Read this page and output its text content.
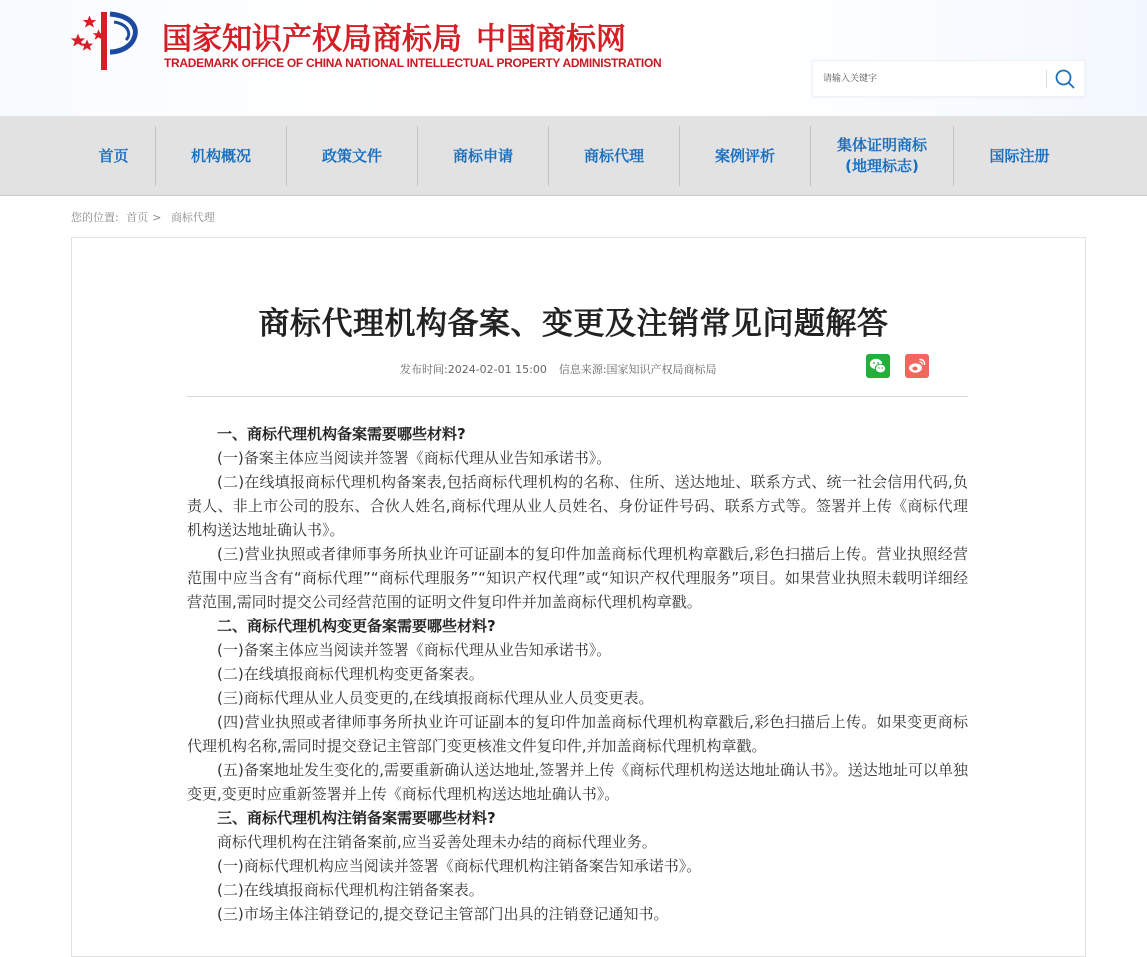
国家知识产权局商标局 中国商标网
TRADEMARK OFFICE OF CHINA NATIONAL INTELLECTUAL PROPERTY ADMINISTRATION
请输入关键字
首页	机构概况	政策文件	商标申请	商标代理	案例评析
集体证明商标
(地理标志)
国际注册
您的位置: 首页 > 商标代理
商标代理机构备案、变更及注销常见问题解答
发布时间:2024-02-01 15:00 信息来源:国家知识产权局商标局

一、商标代理机构备案需要哪些材料?

(一)备案主体应当阅读并签署《商标代理从业告知承诺书》。

(二)在线填报商标代理机构备案表,包括商标代理机构的名称、住所、送达地址、联系方式、统一社会信用代码,负责人、非上市公司的股东、合伙人姓名,商标代理从业人员姓名、身份证件号码、联系方式等。签署并上传《商标代理机构送达地址确认书》。

(三)营业执照或者律师事务所执业许可证副本的复印件加盖商标代理机构章戳后,彩色扫描后上传。营业执照经营范围中应当含有“商标代理”“商标代理服务”“知识产权代理”或“知识产权代理服务”项目。如果营业执照未载明详细经营范围,需同时提交公司经营范围的证明文件复印件并加盖商标代理机构章戳。

二、商标代理机构变更备案需要哪些材料?

(一)备案主体应当阅读并签署《商标代理从业告知承诺书》。

(二)在线填报商标代理机构变更备案表。

(三)商标代理从业人员变更的,在线填报商标代理从业人员变更表。

(四)营业执照或者律师事务所执业许可证副本的复印件加盖商标代理机构章戳后,彩色扫描后上传。如果变更商标代理机构名称,需同时提交登记主管部门变更核准文件复印件,并加盖商标代理机构章戳。

(五)备案地址发生变化的,需要重新确认送达地址,签署并上传《商标代理机构送达地址确认书》。送达地址可以单独变更,变更时应重新签署并上传《商标代理机构送达地址确认书》。

三、商标代理机构注销备案需要哪些材料?

商标代理机构在注销备案前,应当妥善处理未办结的商标代理业务。

(一)商标代理机构应当阅读并签署《商标代理机构注销备案告知承诺书》。

(二)在线填报商标代理机构注销备案表。

(三)市场主体注销登记的,提交登记主管部门出具的注销登记通知书。
